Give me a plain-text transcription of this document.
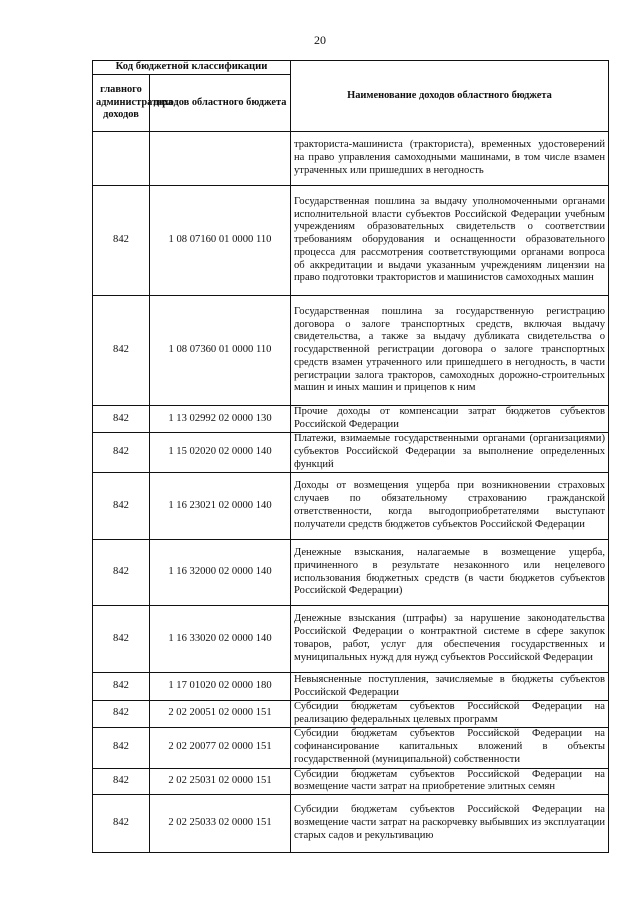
20
Код бюджетной классификации		Наименование доходов областного бюджета
главного администратора доходов	доходов областного бюджета	
		тракториста-машиниста (тракториста), временных удостоверений на право управления самоходными машинами, в том числе взамен утраченных или пришедших в негодность
842	1 08 07160 01 0000 110	Государственная пошлина за выдачу уполномоченными органами исполнительной власти субъектов Российской Федерации учебным учреждениям образовательных свидетельств о соответствии требованиям оборудования и оснащенности образовательного процесса для рассмотрения соответствующими органами вопроса об аккредитации и выдачи указанным учреждениям лицензии на право подготовки трактористов и машинистов самоходных машин
842	1 08 07360 01 0000 110	Государственная пошлина за государственную регистрацию договора о залоге транспортных средств, включая выдачу свидетельства, а также за выдачу дубликата свидетельства о государственной регистрации договора о залоге транспортных средств взамен утраченного или пришедшего в негодность, в части регистрации залога тракторов, самоходных дорожно-строительных машин и иных машин и прицепов к ним
842	1 13 02992 02 0000 130	Прочие доходы от компенсации затрат бюджетов субъектов Российской Федерации
842	1 15 02020 02 0000 140	Платежи, взимаемые государственными органами (организациями) субъектов Российской Федерации за выполнение определенных функций
842	1 16 23021 02 0000 140	Доходы от возмещения ущерба при возникновении страховых случаев по обязательному страхованию гражданской ответственности, когда выгодоприобретателями выступают получатели средств бюджетов субъектов Российской Федерации
842	1 16 32000 02 0000 140	Денежные взыскания, налагаемые в возмещение ущерба, причиненного в результате незаконного или нецелевого использования бюджетных средств (в части бюджетов субъектов Российской Федерации)
842	1 16 33020 02 0000 140	Денежные взыскания (штрафы) за нарушение законодательства Российской Федерации о контрактной системе в сфере закупок товаров, работ, услуг для обеспечения государственных и муниципальных нужд для нужд субъектов Российской Федерации
842	1 17 01020 02 0000 180	Невыясненные поступления, зачисляемые в бюджеты субъектов Российской Федерации
842	2 02 20051 02 0000 151	Субсидии бюджетам субъектов Российской Федерации на реализацию федеральных целевых программ
842	2 02 20077 02 0000 151	Субсидии бюджетам субъектов Российской Федерации на софинансирование капитальных вложений в объекты государственной (муниципальной) собственности
842	2 02 25031 02 0000 151	Субсидии бюджетам субъектов Российской Федерации на возмещение части затрат на приобретение элитных семян
842	2 02 25033 02 0000 151	Субсидии бюджетам субъектов Российской Федерации на возмещение части затрат на раскорчевку выбывших из эксплуатации старых садов и рекультивацию
